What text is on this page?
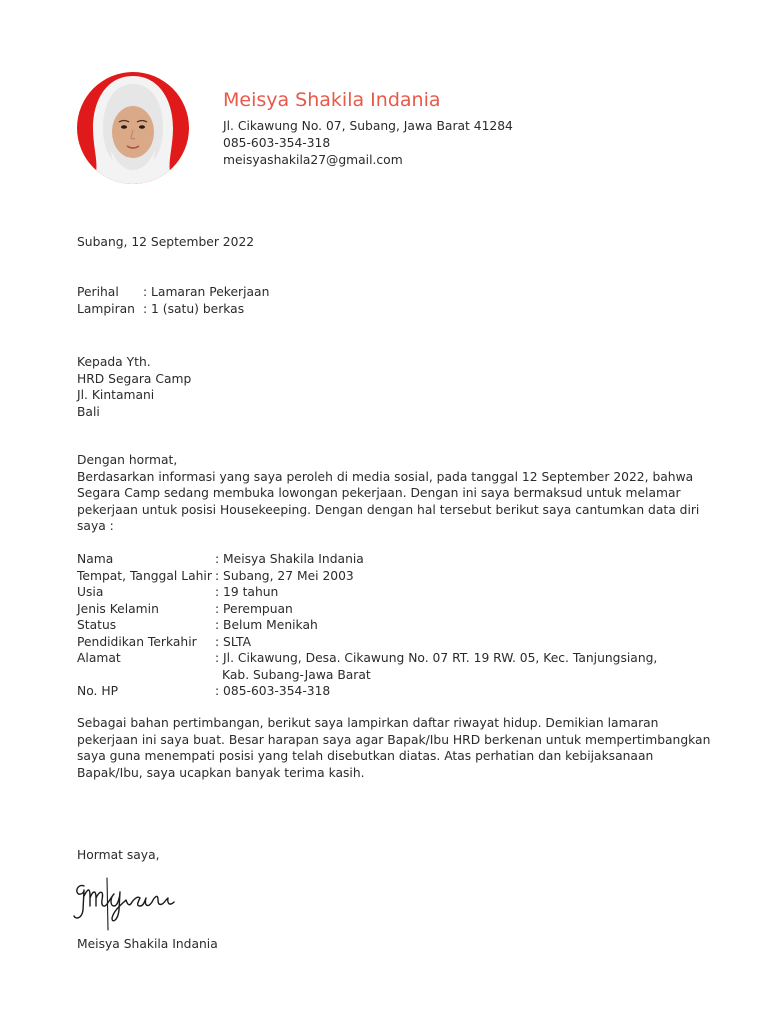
Meisya Shakila Indania
Jl. Cikawung No. 07, Subang, Jawa Barat 41284
085-603-354-318
meisyashakila27@gmail.com
Subang, 12 September 2022
Perihal	: Lamaran Pekerjaan
Lampiran : 1 (satu) berkas
Kepada Yth.
HRD Segara Camp
Jl. Kintamani
Bali
Dengan hormat,
Berdasarkan informasi yang saya peroleh di media sosial, pada tanggal 12 September 2022, bahwa
Segara Camp sedang membuka lowongan pekerjaan. Dengan ini saya bermaksud untuk melamar
pekerjaan untuk posisi Housekeeping. Dengan dengan hal tersebut berikut saya cantumkan data diri
saya :
Nama	: Meisya Shakila Indania
Tempat, Tanggal Lahir : Subang, 27 Mei 2003
Usia	: 19 tahun
Jenis Kelamin	: Perempuan
Status	: Belum Menikah
Pendidikan Terkahir	: SLTA
Alamat	: Jl. Cikawung, Desa. Cikawung No. 07 RT. 19 RW. 05, Kec. Tanjungsiang,
Kab. Subang-Jawa Barat
No. HP	: 085-603-354-318
Sebagai bahan pertimbangan, berikut saya lampirkan daftar riwayat hidup. Demikian lamaran
pekerjaan ini saya buat. Besar harapan saya agar Bapak/Ibu HRD berkenan untuk mempertimbangkan
saya guna menempati posisi yang telah disebutkan diatas. Atas perhatian dan kebijaksanaan
Bapak/Ibu, saya ucapkan banyak terima kasih.
Hormat saya,
Meisya Shakila Indania
